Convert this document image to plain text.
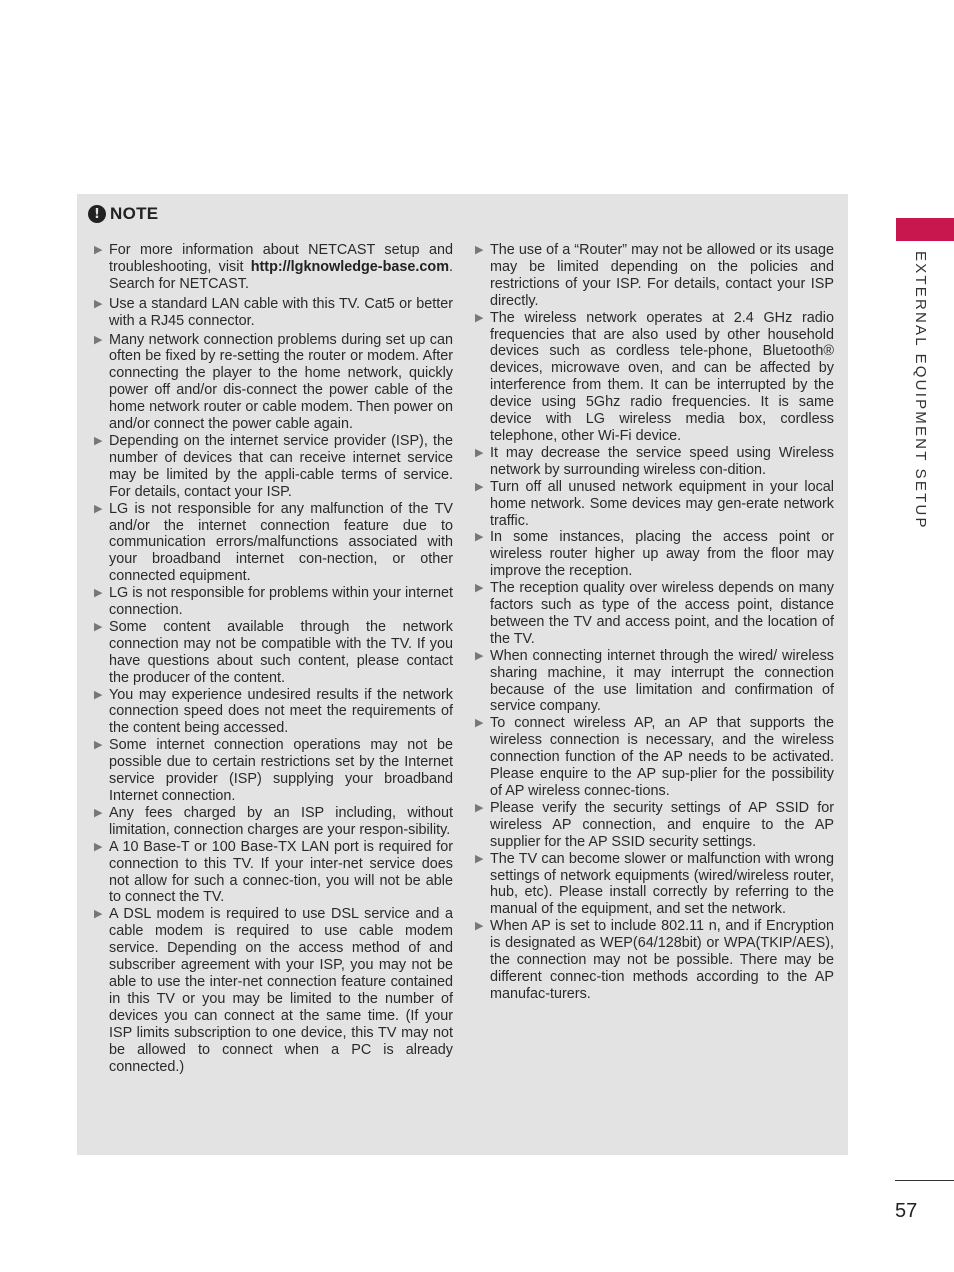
EXTERNAL EQUIPMENT SETUP
! NOTE

▶ For more information about NETCAST setup and troubleshooting, visit http://lgknowledge-base.com. Search for NETCAST.

▶ Use a standard LAN cable with this TV. Cat5 or better with a RJ45 connector.

▶ Many network connection problems during set up can often be fixed by re-setting the router or modem. After connecting the player to the home network, quickly power off and/or dis-connect the power cable of the home network router or cable modem. Then power on and/or connect the power cable again.

▶ Depending on the internet service provider (ISP), the number of devices that can receive internet service may be limited by the appli-cable terms of service. For details, contact your ISP.

▶ LG is not responsible for any malfunction of the TV and/or the internet connection feature due to communication errors/malfunctions associated with your broadband internet con-nection, or other connected equipment.

▶ LG is not responsible for problems within your internet connection.

▶ Some content available through the network connection may not be compatible with the TV. If you have questions about such content, please contact the producer of the content.

▶ You may experience undesired results if the network connection speed does not meet the requirements of the content being accessed.

▶ Some internet connection operations may not be possible due to certain restrictions set by the Internet service provider (ISP) supplying your broadband Internet connection.

▶ Any fees charged by an ISP including, without limitation, connection charges are your respon-sibility.

▶ A 10 Base-T or 100 Base-TX LAN port is required for connection to this TV. If your inter-net service does not allow for such a connec-tion, you will not be able to connect the TV.

▶ A DSL modem is required to use DSL service and a cable modem is required to use cable modem service. Depending on the access method of and subscriber agreement with your ISP, you may not be able to use the inter-net connection feature contained in this TV or you may be limited to the number of devices you can connect at the same time. (If your ISP limits subscription to one device, this TV may not be allowed to connect when a PC is already connected.)

▶ The use of a “Router” may not be allowed or its usage may be limited depending on the policies and restrictions of your ISP. For details, contact your ISP directly.

▶ The wireless network operates at 2.4 GHz radio frequencies that are also used by other household devices such as cordless tele-phone, Bluetooth® devices, microwave oven, and can be affected by interference from them. It can be interrupted by the device using 5Ghz radio frequencies. It is same device with LG wireless media box, cordless telephone, other Wi-Fi device.

▶ It may decrease the service speed using Wireless network by surrounding wireless con-dition.

▶ Turn off all unused network equipment in your local home network. Some devices may gen-erate network traffic.

▶ In some instances, placing the access point or wireless router higher up away from the floor may improve the reception.

▶ The reception quality over wireless depends on many factors such as type of the access point, distance between the TV and access point, and the location of the TV.

▶ When connecting internet through the wired/ wireless sharing machine, it may interrupt the connection because of the use limitation and confirmation of service company.

▶ To connect wireless AP, an AP that supports the wireless connection is necessary, and the wireless connection function of the AP needs to be activated. Please enquire to the AP sup-plier for the possibility of AP wireless connec-tions.

▶ Please verify the security settings of AP SSID for wireless AP connection, and enquire to the AP supplier for the AP SSID security settings.

▶ The TV can become slower or malfunction with wrong settings of network equipments (wired/wireless router, hub, etc). Please install correctly by referring to the manual of the equipment, and set the network.

▶ When AP is set to include 802.11 n, and if Encryption is designated as WEP(64/128bit) or WPA(TKIP/AES), the connection may not be possible. There may be different connec-tion methods according to the AP manufac-turers.

57
